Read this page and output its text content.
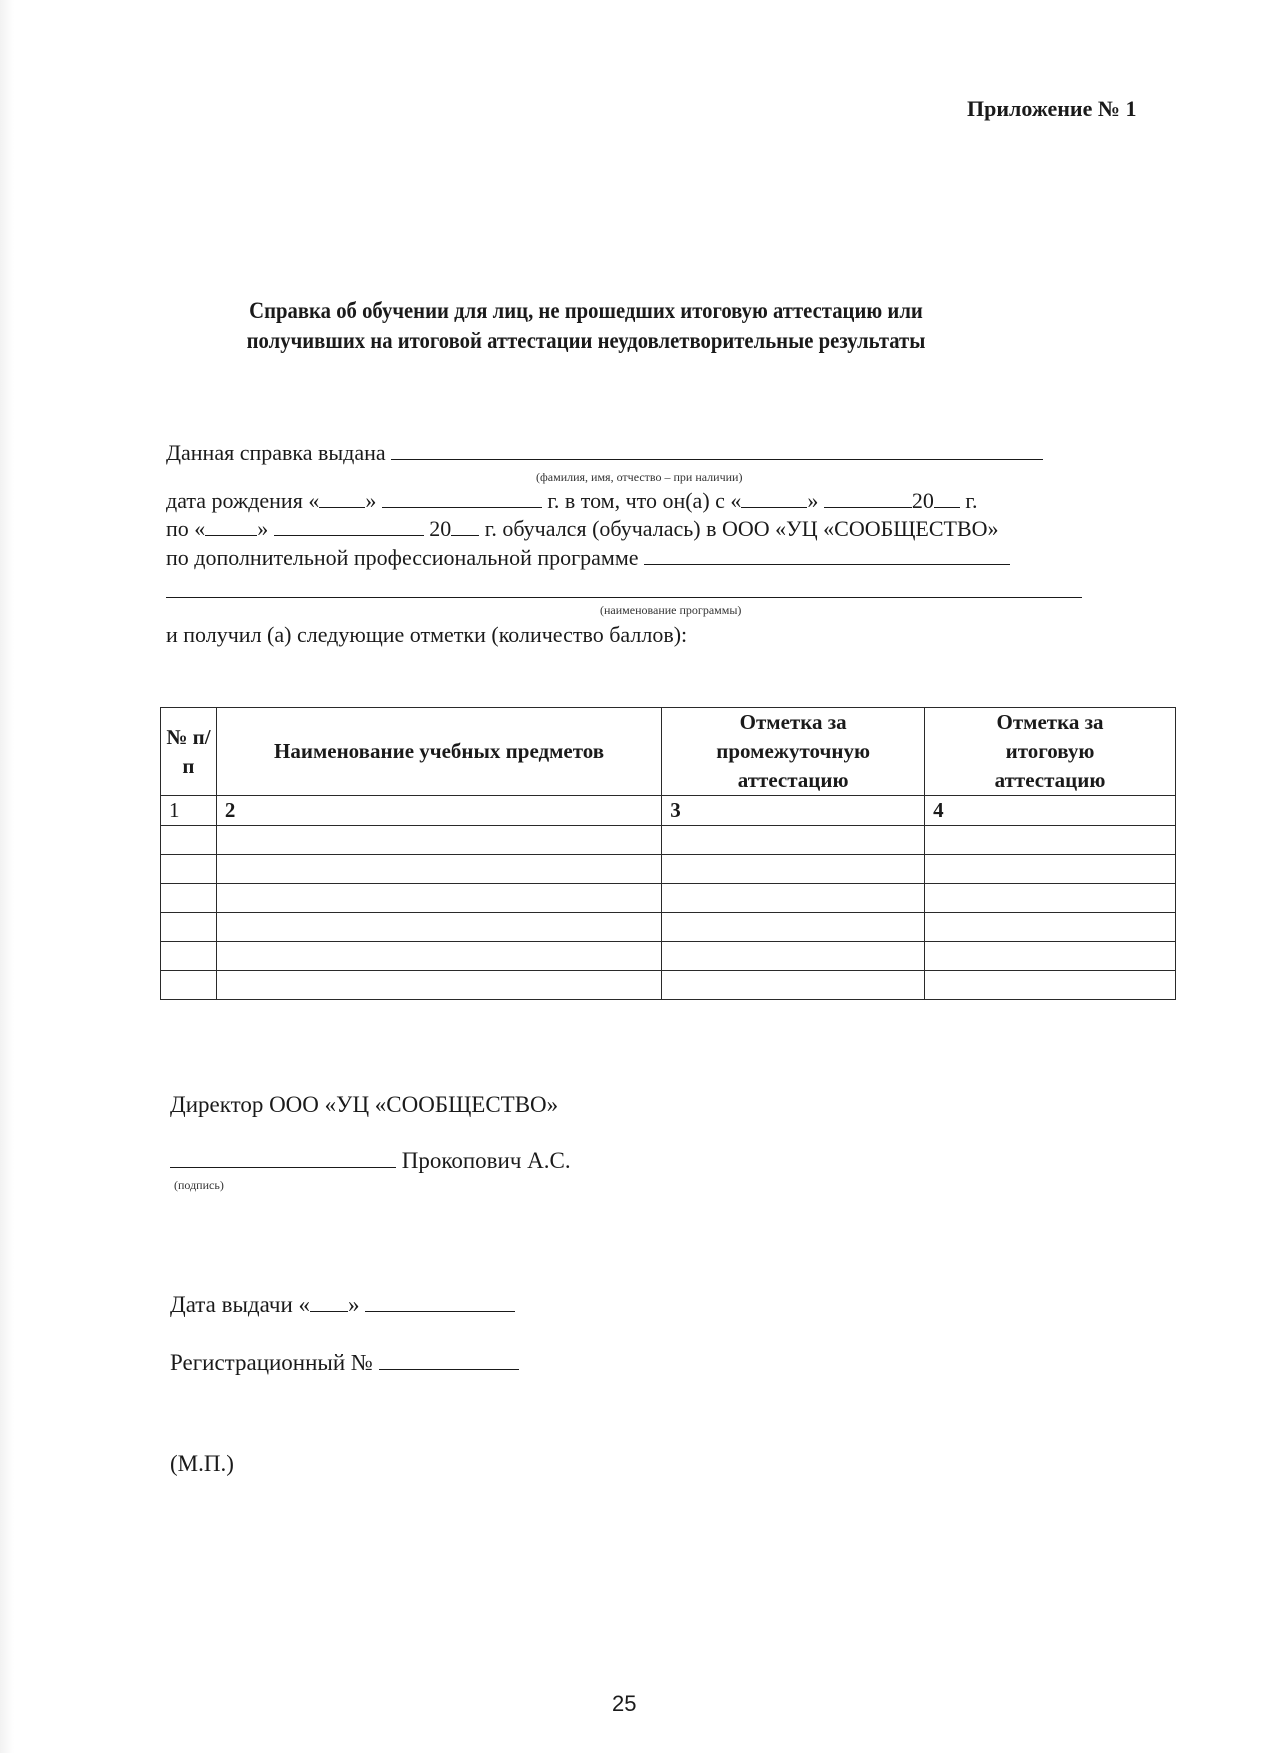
Приложение № 1
Справка об обучении для лиц, не прошедших итоговую аттестацию или
получивших на итоговой аттестации неудовлетворительные результаты
Данная справка выдана
(фамилия, имя, отчество – при наличии)
дата рождения « »	г. в том, что он(а) с «	»	20 г.
по « »	20 г. обучался (обучалась) в ООО «УЦ «СООБЩЕСТВО»
по дополнительной профессиональной программе
(наименование программы)
и получил (а) следующие отметки (количество баллов):
№ п/п	Наименование учебных предметов	Отметка за промежуточную аттестацию	Отметка за итоговую аттестацию
1	2	3	4

Директор ООО «УЦ «СООБЩЕСТВО»
Прокопович А.С.
(подпись)
Дата выдачи « »
Регистрационный №
(М.П.)
25
